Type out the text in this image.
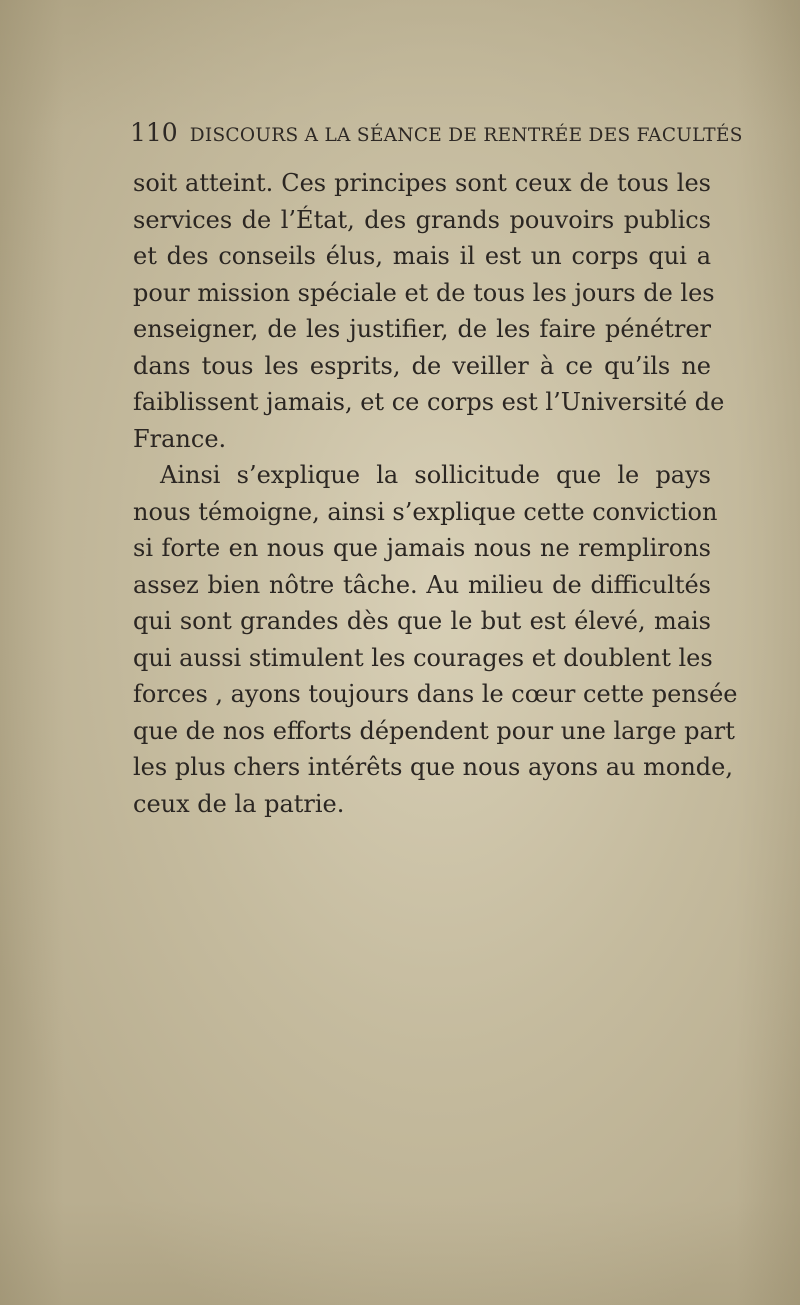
110 DISCOURS A LA SÉANCE DE RENTRÉE DES FACULTÉS
soit atteint. Ces principes sont ceux de tous les
services de l’État, des grands pouvoirs publics
et des conseils élus, mais il est un corps qui a
pour mission spéciale et de tous les jours de les
enseigner, de les justifier, de les faire pénétrer
dans tous les esprits, de veiller à ce qu’ils ne
faiblissent jamais, et ce corps est l’Université de
France.
Ainsi s’explique la sollicitude que le pays
nous témoigne, ainsi s’explique cette conviction
si forte en nous que jamais nous ne remplirons
assez bien nôtre tâche. Au milieu de difficultés
qui sont grandes dès que le but est élevé, mais
qui aussi stimulent les courages et doublent les
forces , ayons toujours dans le cœur cette pensée
que de nos efforts dépendent pour une large part
les plus chers intérêts que nous ayons au monde,
ceux de la patrie.
